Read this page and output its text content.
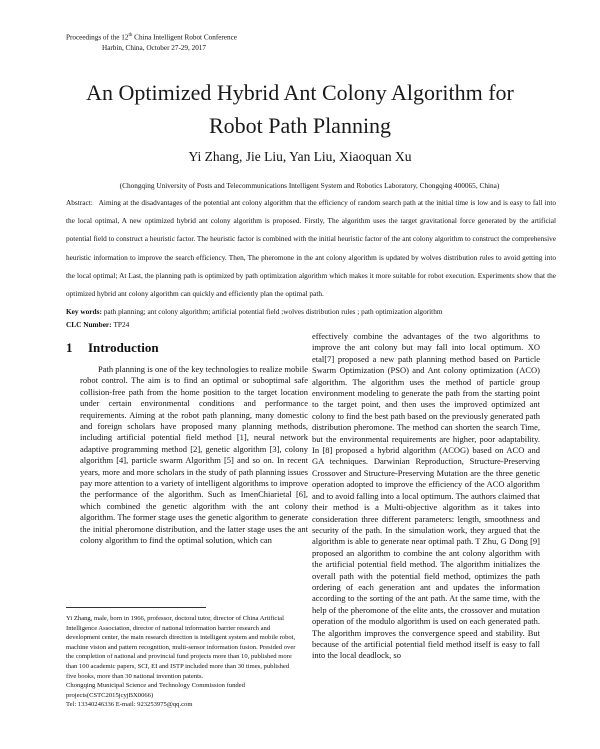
Proceedings of the 12th China Intelligent Robot Conference
Harbin, China, October 27-29, 2017
An Optimized Hybrid Ant Colony Algorithm for
Robot Path Planning
Yi Zhang, Jie Liu, Yan Liu, Xiaoquan Xu
(Chongqing University of Posts and Telecommunications Intelligent System and Robotics Laboratory, Chongqing 400065, China)
Abstract: Aiming at the disadvantages of the potential ant colony algorithm that the efficiency of random search path at the initial time is low and is easy to fall into the local optimal, A new optimized hybrid ant colony algorithm is proposed. Firstly, The algorithm uses the target gravitational force generated by the artificial potential field to construct a heuristic factor. The heuristic factor is combined with the initial heuristic factor of the ant colony algorithm to construct the comprehensive heuristic information to improve the search efficiency. Then, The pheromone in the ant colony algorithm is updated by wolves distribution rules to avoid getting into the local optimal; At Last, the planning path is optimized by path optimization algorithm which makes it more suitable for robot execution. Experiments show that the optimized hybrid ant colony algorithm can quickly and efficiently plan the optimal path.
Key words: path planning; ant colony algorithm; artificial potential field ;wolves distribution rules ; path optimization algorithm
CLC Number: TP24
1 Introduction

Path planning is one of the key technologies to realize mobile robot control. The aim is to find an optimal or suboptimal safe collision-free path from the home position to the target location under certain environmental conditions and performance requirements. Aiming at the robot path planning, many domestic and foreign scholars have proposed many planning methods, including artificial potential field method [1], neural network adaptive programming method [2], genetic algorithm [3], colony algorithm [4], particle swarm Algorithm [5] and so on. In recent years, more and more scholars in the study of path planning issues pay more attention to a variety of intelligent algorithms to improve the performance of the algorithm. Such as ImenChiarietal [6], which combined the genetic algorithm with the ant colony algorithm. The former stage uses the genetic algorithm to generate the initial pheromone distribution, and the latter stage uses the ant colony algorithm to find the optimal solution, which can

effectively combine the advantages of the two algorithms to improve the ant colony but may fall into local optimum. XO etal[7] proposed a new path planning method based on Particle Swarm Optimization (PSO) and Ant colony optimization (ACO) algorithm. The algorithm uses the method of particle group environment modeling to generate the path from the starting point to the target point, and then uses the improved optimized ant colony to find the best path based on the previously generated path distribution pheromone. The method can shorten the search Time, but the environmental requirements are higher, poor adaptability. In [8] proposed a hybrid algorithm (ACOG) based on ACO and GA techniques. Darwinian Reproduction, Structure-Preserving Crossover and Structure-Preserving Mutation are the three genetic operation adopted to improve the efficiency of the ACO algorithm and to avoid falling into a local optimum. The authors claimed that their method is a Multi-objective algorithm as it takes into consideration three different parameters: length, smoothness and security of the path. In the simulation work, they argued that the algorithm is able to generate near optimal path. T Zhu, G Dong [9] proposed an algorithm to combine the ant colony algorithm with the artificial potential field method. The algorithm initializes the overall path with the potential field method, optimizes the path ordering of each generation ant and updates the information according to the sorting of the ant path. At the same time, with the help of the pheromone of the elite ants, the crossover and mutation operation of the modulo algorithm is used on each generated path. The algorithm improves the convergence speed and stability. But because of the artificial potential field method itself is easy to fall into the local deadlock, so

Yi Zhang, male, born in 1966, professor, doctoral tutor, director of China Artificial Intelligence Association, director of national information barrier research and development center, the main research direction is intelligent system and mobile robot, machine vision and pattern recognition, multi-sensor information fusion. Presided over the completion of national and provincial fund projects more than 10, published more than 100 academic papers, SCI, EI and ISTP included more than 30 times, published five books, more than 30 national invention patents.

Chongqing Municipal Science and Technology Commission funded projects(CSTC2015jcyjBX0066)

Tel: 13340246336 E-mail: 923253975@qq.com
